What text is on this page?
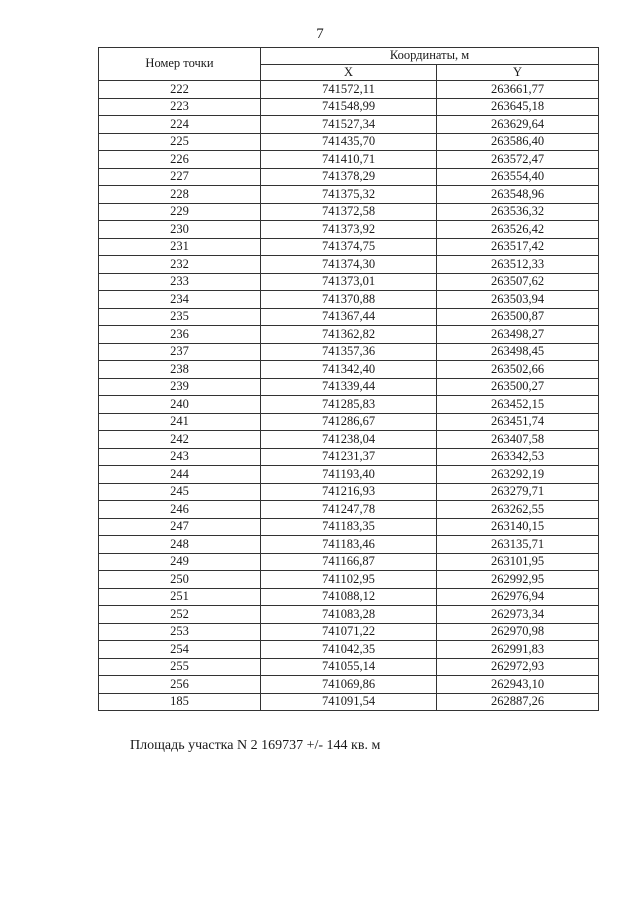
7
Номер точки	Координаты, м	
	X	Y
222	741572,11	263661,77
223	741548,99	263645,18
224	741527,34	263629,64
225	741435,70	263586,40
226	741410,71	263572,47
227	741378,29	263554,40
228	741375,32	263548,96
229	741372,58	263536,32
230	741373,92	263526,42
231	741374,75	263517,42
232	741374,30	263512,33
233	741373,01	263507,62
234	741370,88	263503,94
235	741367,44	263500,87
236	741362,82	263498,27
237	741357,36	263498,45
238	741342,40	263502,66
239	741339,44	263500,27
240	741285,83	263452,15
241	741286,67	263451,74
242	741238,04	263407,58
243	741231,37	263342,53
244	741193,40	263292,19
245	741216,93	263279,71
246	741247,78	263262,55
247	741183,35	263140,15
248	741183,46	263135,71
249	741166,87	263101,95
250	741102,95	262992,95
251	741088,12	262976,94
252	741083,28	262973,34
253	741071,22	262970,98
254	741042,35	262991,83
255	741055,14	262972,93
256	741069,86	262943,10
185	741091,54	262887,26
Площадь участка N 2 169737 +/- 144 кв. м
